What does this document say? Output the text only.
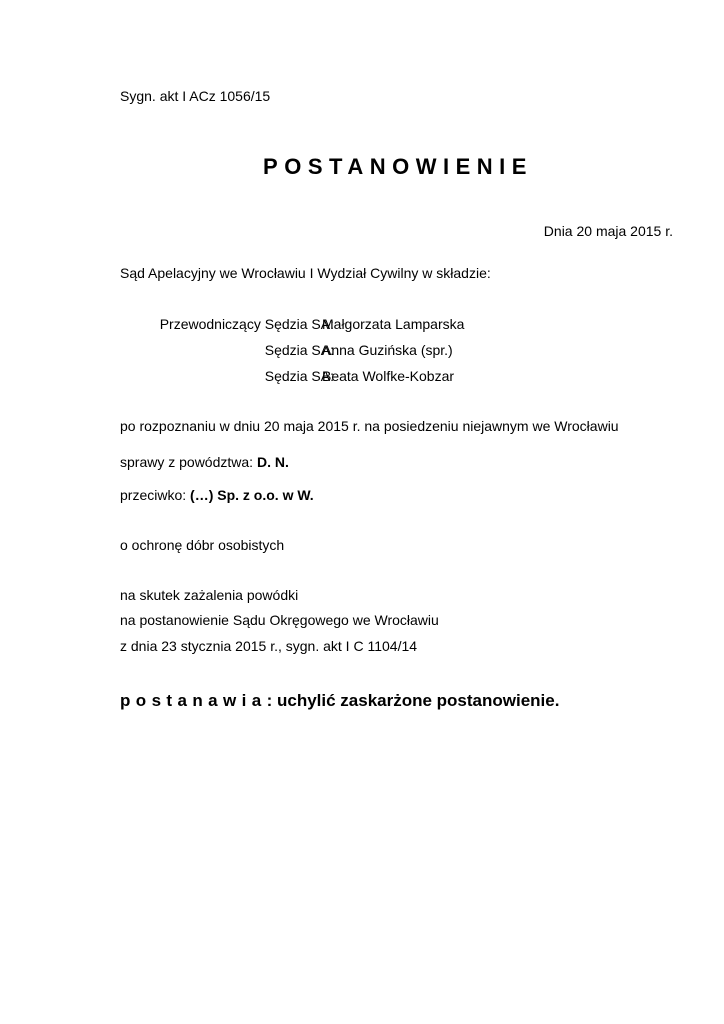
Sygn. akt I ACz 1056/15
POSTANOWIENIE
Dnia 20 maja 2015 r.
Sąd Apelacyjny we Wrocławiu I Wydział Cywilny w składzie:
Przewodniczący Sędzia SA:
Małgorzata Lamparska
Sędzia SA:
Anna Guzińska (spr.)
Sędzia SA:
Beata Wolfke-Kobzar
po rozpoznaniu w dniu 20 maja 2015 r. na posiedzeniu niejawnym we Wrocławiu
sprawy z powództwa: D. N.
przeciwko: (…) Sp. z o.o. w W.
o ochronę dóbr osobistych
na skutek zażalenia powódki
na postanowienie Sądu Okręgowego we Wrocławiu
z dnia 23 stycznia 2015 r., sygn. akt I C 1104/14
postanawia: uchylić zaskarżone postanowienie.
